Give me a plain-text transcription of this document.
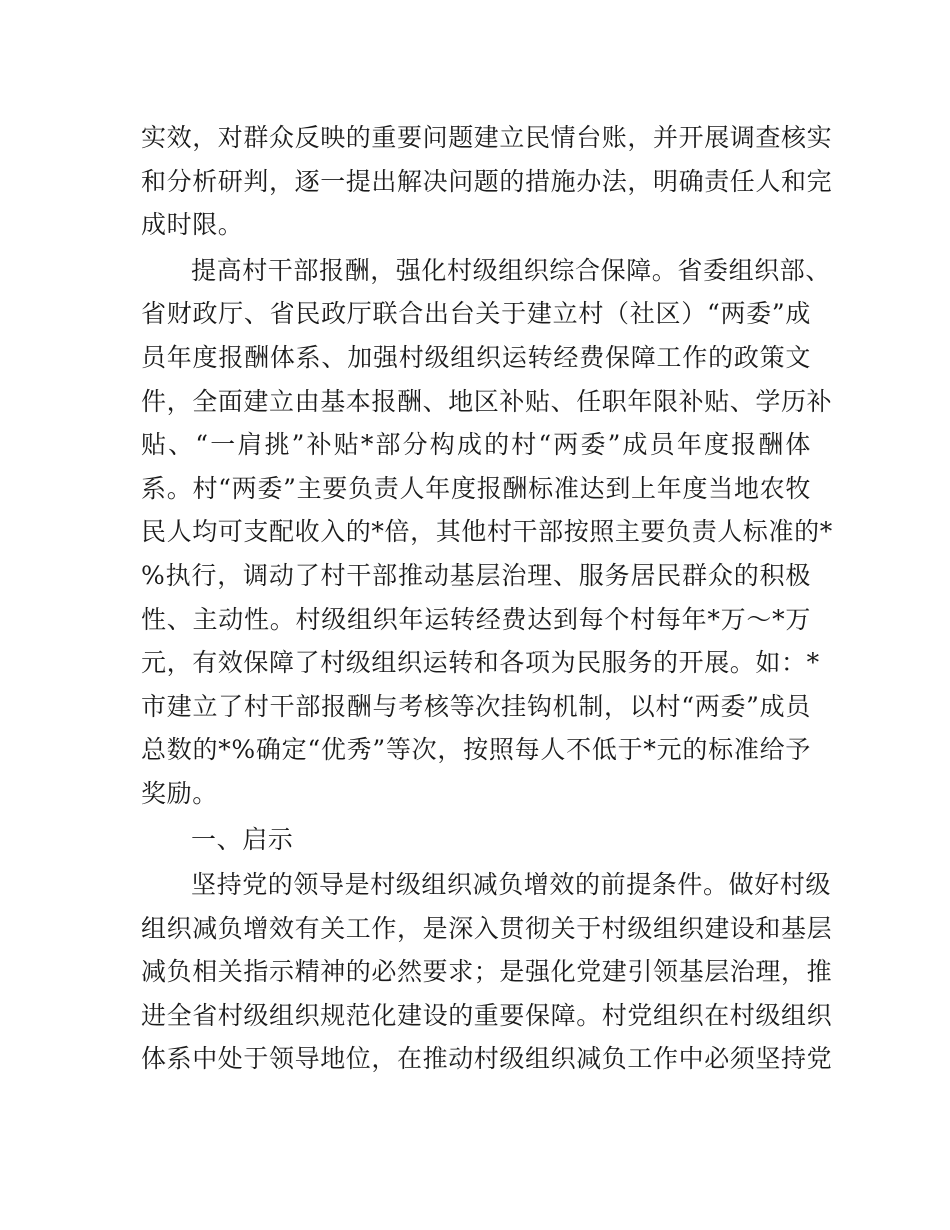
实效，对群众反映的重要问题建立民情台账，并开展调查核实
和分析研判，逐一提出解决问题的措施办法，明确责任人和完
成时限。
提高村干部报酬，强化村级组织综合保障。省委组织部、
省财政厅、省民政厅联合出台关于建立村（社区）“两委”成
员年度报酬体系、加强村级组织运转经费保障工作的政策文
件，全面建立由基本报酬、地区补贴、任职年限补贴、学历补
贴、“一肩挑”补贴*部分构成的村“两委”成员年度报酬体
系。村“两委”主要负责人年度报酬标准达到上年度当地农牧
民人均可支配收入的*倍，其他村干部按照主要负责人标准的*
%执行，调动了村干部推动基层治理、服务居民群众的积极
性、主动性。村级组织年运转经费达到每个村每年*万～*万
元，有效保障了村级组织运转和各项为民服务的开展。如：*
市建立了村干部报酬与考核等次挂钩机制，以村“两委”成员
总数的*%确定“优秀”等次，按照每人不低于*元的标准给予
奖励。
一、启示
坚持党的领导是村级组织减负增效的前提条件。做好村级
组织减负增效有关工作，是深入贯彻关于村级组织建设和基层
减负相关指示精神的必然要求；是强化党建引领基层治理，推
进全省村级组织规范化建设的重要保障。村党组织在村级组织
体系中处于领导地位，在推动村级组织减负工作中必须坚持党
